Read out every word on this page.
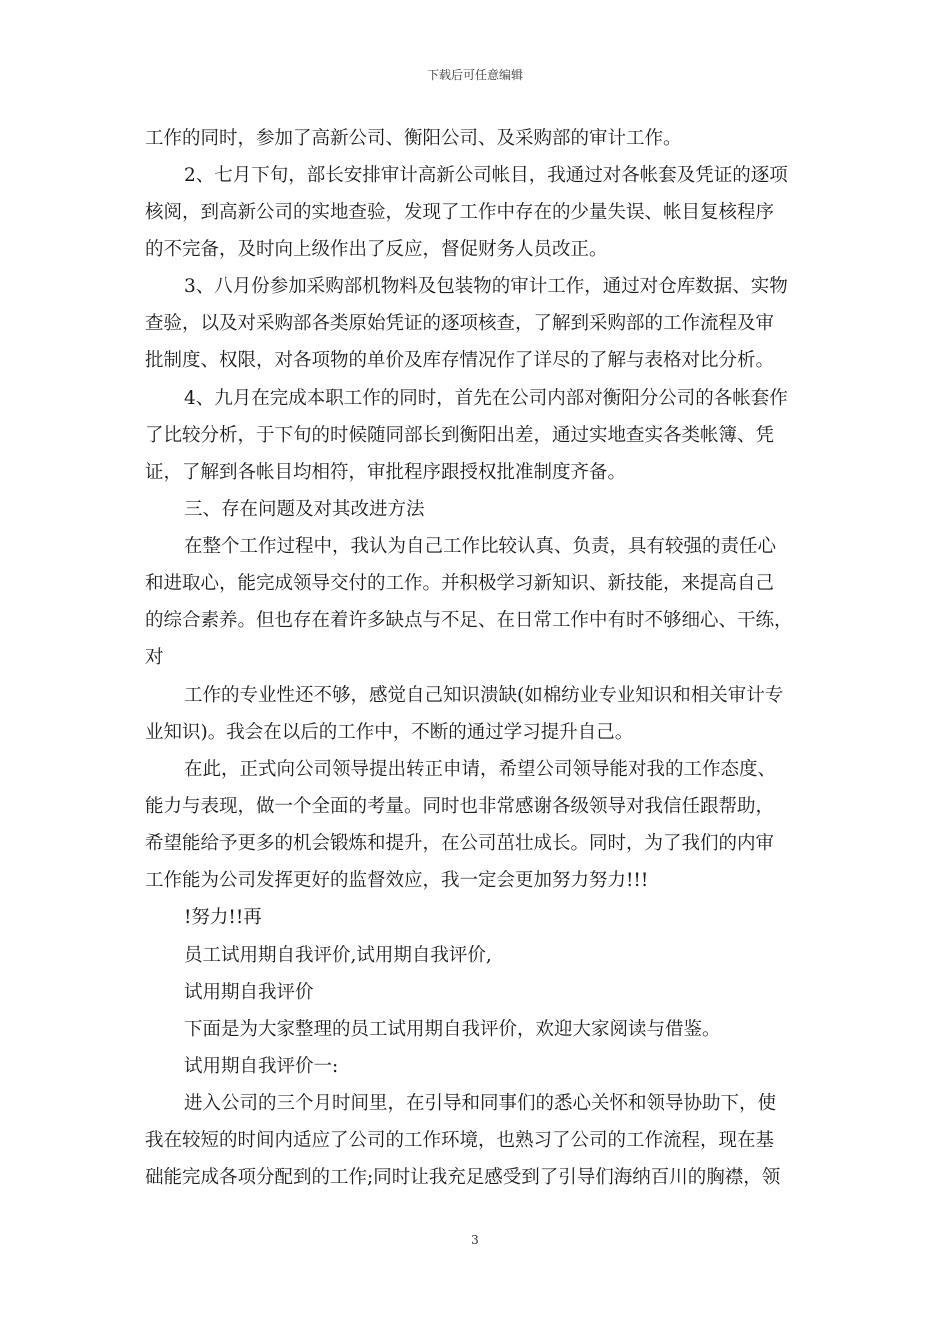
下载后可任意编辑
工作的同时，参加了高新公司、衡阳公司、及采购部的审计工作。
2、七月下旬，部长安排审计高新公司帐目，我通过对各帐套及凭证的逐项
核阅，到高新公司的实地查验，发现了工作中存在的少量失误、帐目复核程序
的不完备，及时向上级作出了反应，督促财务人员改正。
3、八月份参加采购部机物料及包装物的审计工作，通过对仓库数据、实物
查验，以及对采购部各类原始凭证的逐项核查，了解到采购部的工作流程及审
批制度、权限，对各项物的单价及库存情况作了详尽的了解与表格对比分析。
4、九月在完成本职工作的同时，首先在公司内部对衡阳分公司的各帐套作
了比较分析，于下旬的时候随同部长到衡阳出差，通过实地查实各类帐簿、凭
证，了解到各帐目均相符，审批程序跟授权批准制度齐备。
三、存在问题及对其改进方法
在整个工作过程中，我认为自己工作比较认真、负责，具有较强的责任心
和进取心，能完成领导交付的工作。并积极学习新知识、新技能，来提高自己
的综合素养。但也存在着许多缺点与不足、在日常工作中有时不够细心、干练，
对
工作的专业性还不够，感觉自己知识溃缺(如棉纺业专业知识和相关审计专
业知识)。我会在以后的工作中，不断的通过学习提升自己。
在此，正式向公司领导提出转正申请，希望公司领导能对我的工作态度、
能力与表现，做一个全面的考量。同时也非常感谢各级领导对我信任跟帮助，
希望能给予更多的机会锻炼和提升，在公司茁壮成长。同时，为了我们的内审
工作能为公司发挥更好的监督效应，我一定会更加努力努力!!!
!努力!!再
员工试用期自我评价,试用期自我评价,
试用期自我评价
下面是为大家整理的员工试用期自我评价，欢迎大家阅读与借鉴。
试用期自我评价一:
进入公司的三个月时间里，在引导和同事们的悉心关怀和领导协助下，使
我在较短的时间内适应了公司的工作环境，也熟习了公司的工作流程，现在基
础能完成各项分配到的工作;同时让我充足感受到了引导们海纳百川的胸襟，领
3
